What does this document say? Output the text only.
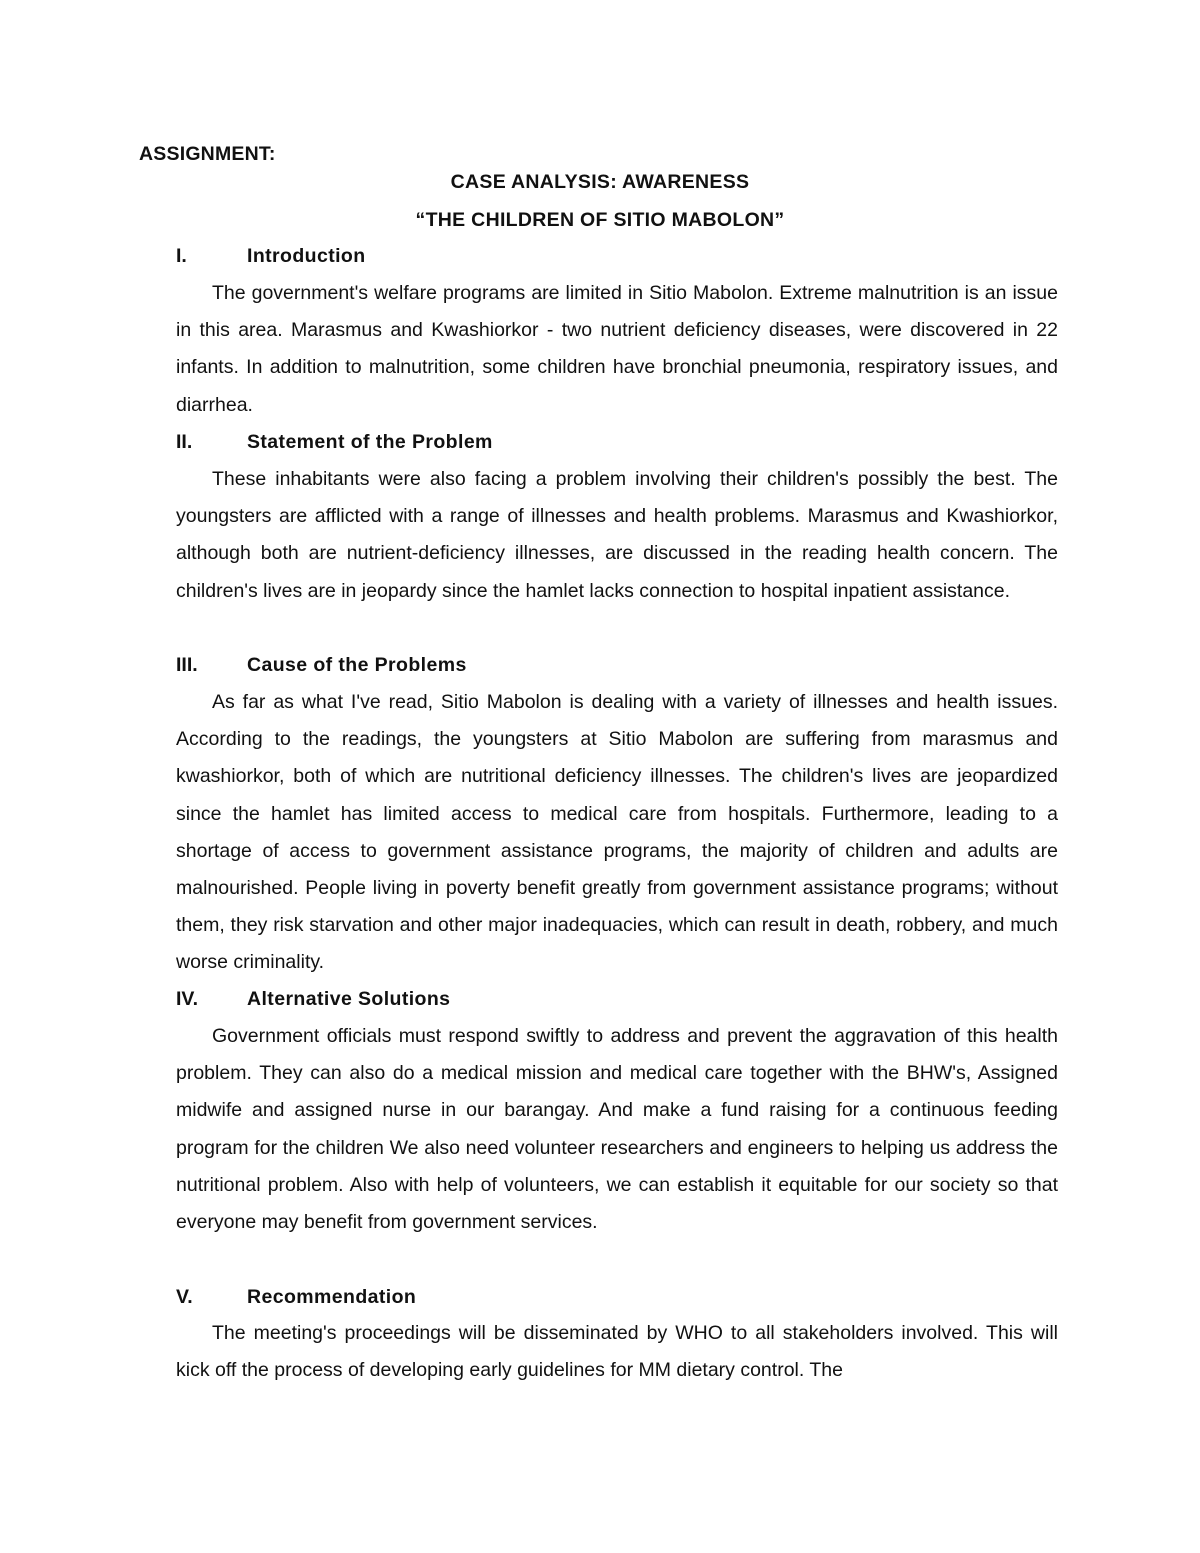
ASSIGNMENT:
CASE ANALYSIS: AWARENESS
“THE CHILDREN OF SITIO MABOLON”
I.	Introduction

The government's welfare programs are limited in Sitio Mabolon. Extreme malnutrition is an issue in this area. Marasmus and Kwashiorkor - two nutrient deficiency diseases, were discovered in 22 infants. In addition to malnutrition, some children have bronchial pneumonia, respiratory issues, and diarrhea.

II.	Statement of the Problem

These inhabitants were also facing a problem involving their children's possibly the best. The youngsters are afflicted with a range of illnesses and health problems. Marasmus and Kwashiorkor, although both are nutrient-deficiency illnesses, are discussed in the reading health concern. The children's lives are in jeopardy since the hamlet lacks connection to hospital inpatient assistance.

III.	Cause of the Problems

As far as what I've read, Sitio Mabolon is dealing with a variety of illnesses and health issues. According to the readings, the youngsters at Sitio Mabolon are suffering from marasmus and kwashiorkor, both of which are nutritional deficiency illnesses. The children's lives are jeopardized since the hamlet has limited access to medical care from hospitals. Furthermore, leading to a shortage of access to government assistance programs, the majority of children and adults are malnourished. People living in poverty benefit greatly from government assistance programs; without them, they risk starvation and other major inadequacies, which can result in death, robbery, and much worse criminality.

IV.	Alternative Solutions

Government officials must respond swiftly to address and prevent the aggravation of this health problem. They can also do a medical mission and medical care together with the BHW's, Assigned midwife and assigned nurse in our barangay. And make a fund raising for a continuous feeding program for the children We also need volunteer researchers and engineers to helping us address the nutritional problem. Also with help of volunteers, we can establish it equitable for our society so that everyone may benefit from government services.

V.	Recommendation

The meeting's proceedings will be disseminated by WHO to all stakeholders involved. This will kick off the process of developing early guidelines for MM dietary control. The
